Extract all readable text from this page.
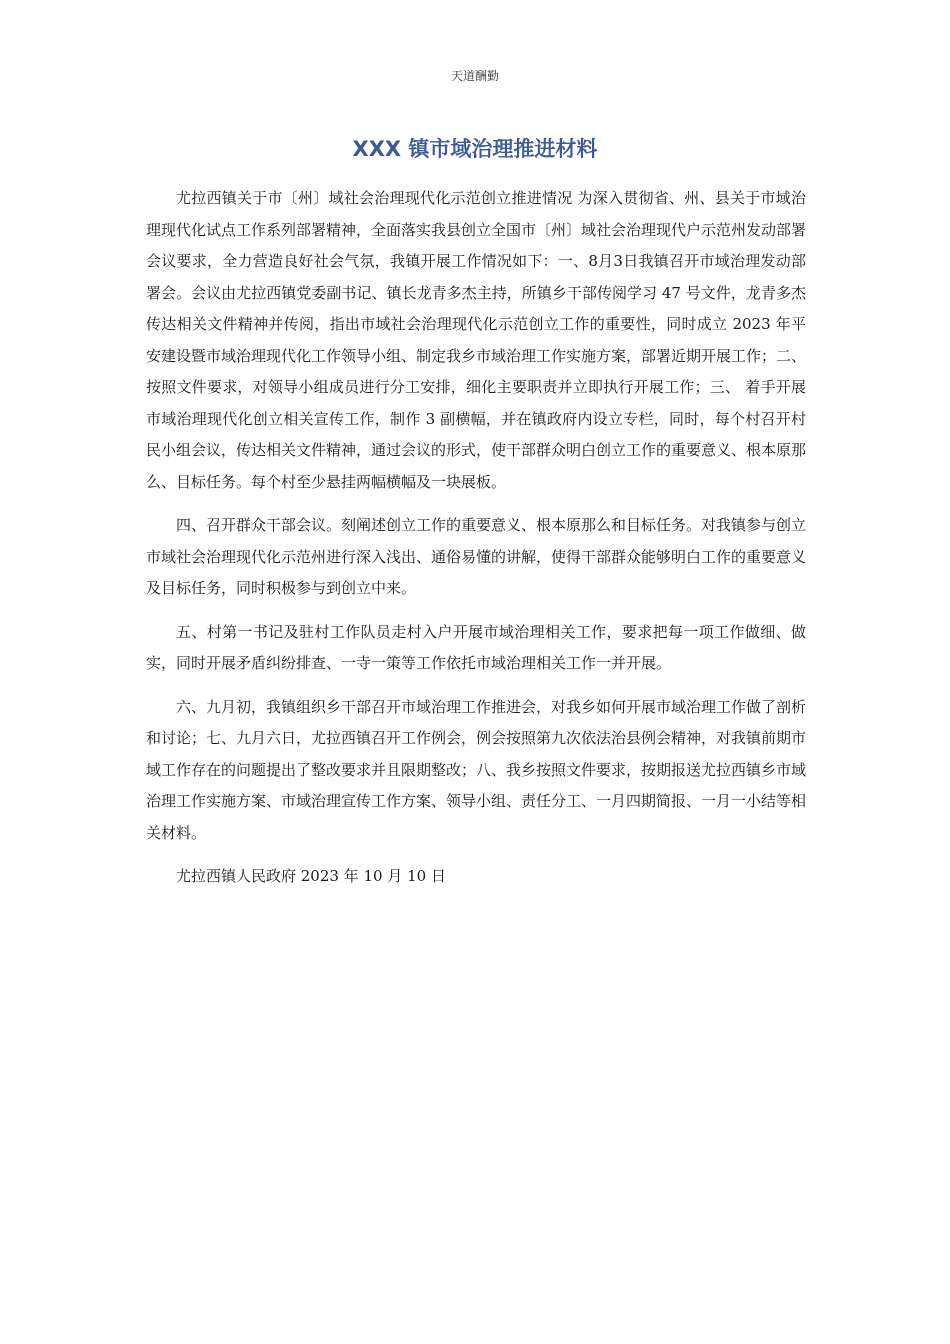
天道酬勤
XXX 镇市域治理推进材料

尤拉西镇关于市〔州〕域社会治理现代化示范创立推进情况 为深入贯彻省、州、县关于市域治理现代化试点工作系列部署精神，全面落实我县创立全国市〔州〕域社会治理现代户示范州发动部署会议要求，全力营造良好社会气氛，我镇开展工作情况如下：一、8月3日我镇召开市域治理发动部署会。会议由尤拉西镇党委副书记、镇长龙青多杰主持，所镇乡干部传阅学习 47 号文件，龙青多杰传达相关文件精神并传阅，指出市域社会治理现代化示范创立工作的重要性，同时成立 2023 年平安建设暨市域治理现代化工作领导小组、制定我乡市域治理工作实施方案，部署近期开展工作；二、 按照文件要求，对领导小组成员进行分工安排，细化主要职责并立即执行开展工作；三、 着手开展市域治理现代化创立相关宣传工作，制作 3 副横幅，并在镇政府内设立专栏，同时，每个村召开村民小组会议，传达相关文件精神，通过会议的形式，使干部群众明白创立工作的重要意义、根本原那么、目标任务。每个村至少悬挂两幅横幅及一块展板。

四、召开群众干部会议。刻阐述创立工作的重要意义、根本原那么和目标任务。对我镇参与创立市域社会治理现代化示范州进行深入浅出、通俗易懂的讲解，使得干部群众能够明白工作的重要意义及目标任务，同时积极参与到创立中来。

五、村第一书记及驻村工作队员走村入户开展市域治理相关工作，要求把每一项工作做细、做实，同时开展矛盾纠纷排查、一寺一策等工作依托市域治理相关工作一并开展。

六、九月初，我镇组织乡干部召开市域治理工作推进会，对我乡如何开展市域治理工作做了剖析和讨论；七、九月六日，尤拉西镇召开工作例会，例会按照第九次依法治县例会精神，对我镇前期市域工作存在的问题提出了整改要求并且限期整改；八、我乡按照文件要求，按期报送尤拉西镇乡市域治理工作实施方案、市域治理宣传工作方案、领导小组、责任分工、一月四期简报、一月一小结等相关材料。

尤拉西镇人民政府 2023 年 10 月 10 日
